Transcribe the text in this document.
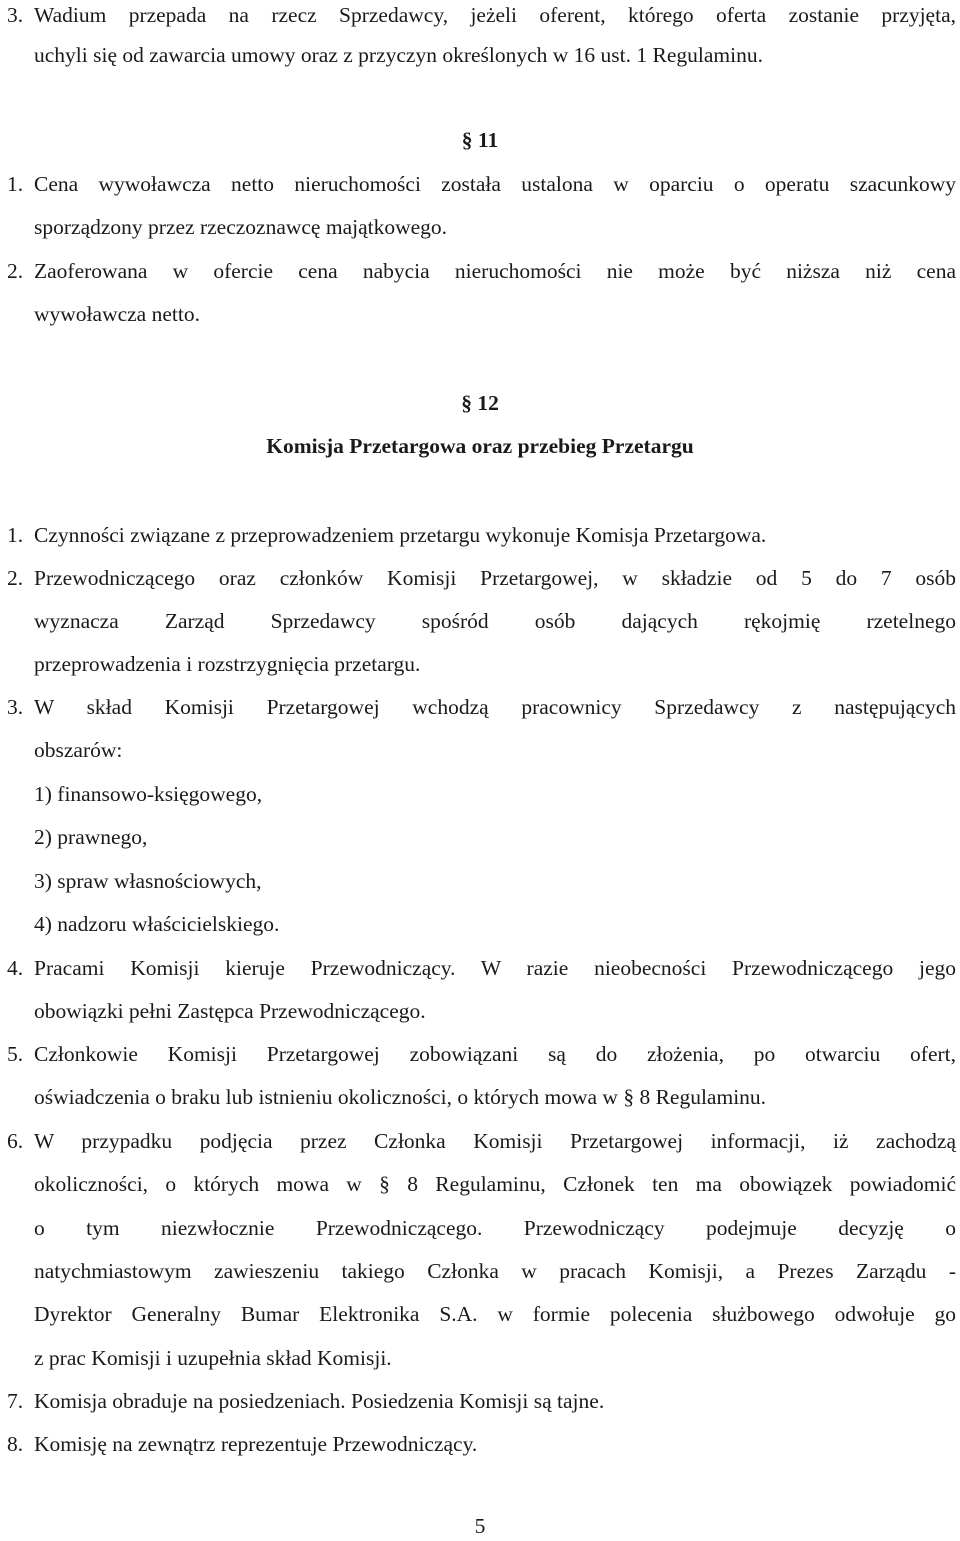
3. Wadium przepada na rzecz Sprzedawcy, jeżeli oferent, którego oferta zostanie przyjęta,
uchyli się od zawarcia umowy oraz z przyczyn określonych w 16 ust. 1 Regulaminu.
§ 11
1. Cena wywoławcza netto nieruchomości została ustalona w oparciu o operatu szacunkowy
sporządzony przez rzeczoznawcę majątkowego.
2. Zaoferowana w ofercie cena nabycia nieruchomości nie może być niższa niż cena
wywoławcza netto.
§ 12
Komisja Przetargowa oraz przebieg Przetargu
1. Czynności związane z przeprowadzeniem przetargu wykonuje Komisja Przetargowa.
2. Przewodniczącego oraz członków Komisji Przetargowej, w składzie od 5 do 7 osób
wyznacza Zarząd Sprzedawcy spośród osób dających rękojmię rzetelnego
przeprowadzenia i rozstrzygnięcia przetargu.
3. W skład Komisji Przetargowej wchodzą pracownicy Sprzedawcy z następujących
obszarów:
1) finansowo-księgowego,
2) prawnego,
3) spraw własnościowych,
4) nadzoru właścicielskiego.
4. Pracami Komisji kieruje Przewodniczący. W razie nieobecności Przewodniczącego jego
obowiązki pełni Zastępca Przewodniczącego.
5. Członkowie Komisji Przetargowej zobowiązani są do złożenia, po otwarciu ofert,
oświadczenia o braku lub istnieniu okoliczności, o których mowa w § 8 Regulaminu.
6. W przypadku podjęcia przez Członka Komisji Przetargowej informacji, iż zachodzą
okoliczności, o których mowa w § 8 Regulaminu, Członek ten ma obowiązek powiadomić
o tym niezwłocznie Przewodniczącego. Przewodniczący podejmuje decyzję o
natychmiastowym zawieszeniu takiego Członka w pracach Komisji, a Prezes Zarządu -
Dyrektor Generalny Bumar Elektronika S.A. w formie polecenia służbowego odwołuje go
z prac Komisji i uzupełnia skład Komisji.
7. Komisja obraduje na posiedzeniach. Posiedzenia Komisji są tajne.
8. Komisję na zewnątrz reprezentuje Przewodniczący.
5
